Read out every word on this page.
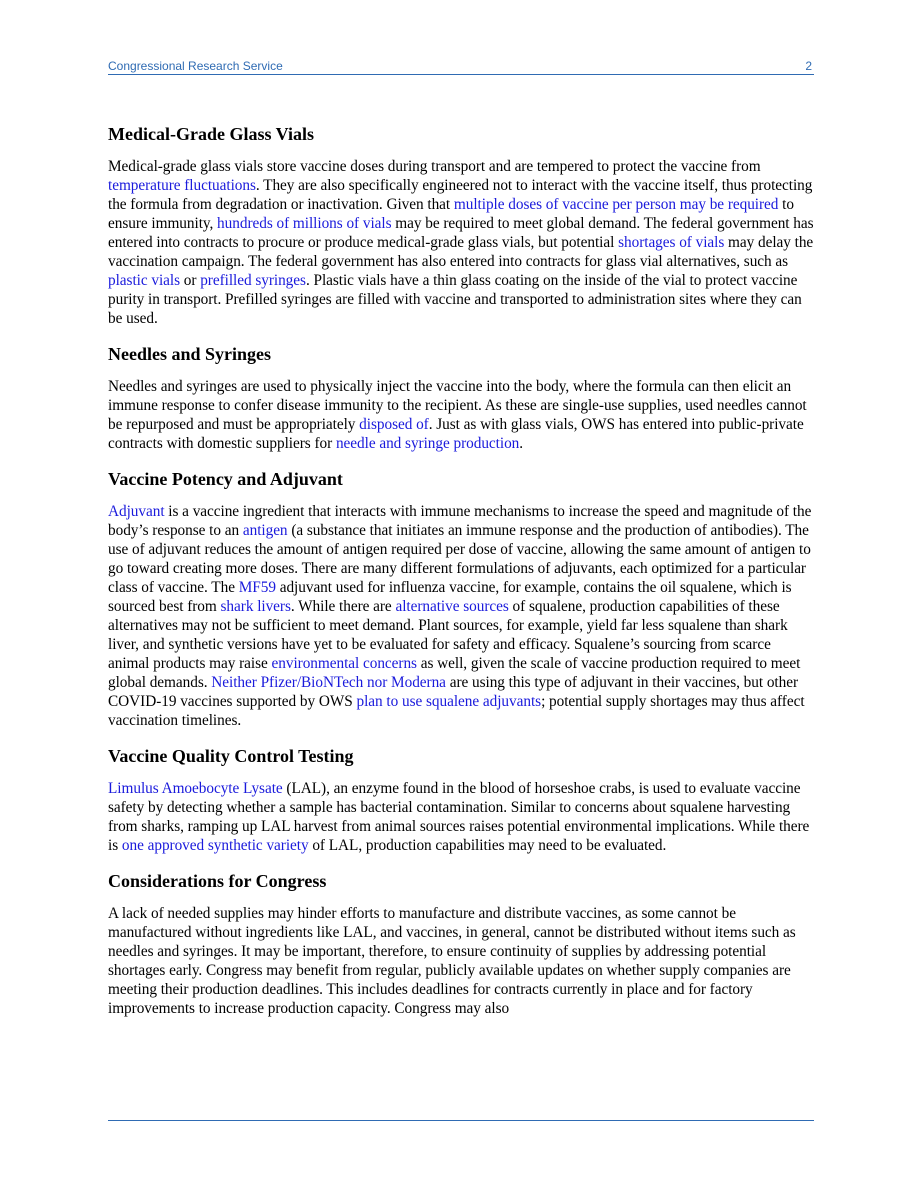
Congressional Research Service	2
Medical-Grade Glass Vials

Medical-grade glass vials store vaccine doses during transport and are tempered to protect the vaccine from temperature fluctuations. They are also specifically engineered not to interact with the vaccine itself, thus protecting the formula from degradation or inactivation. Given that multiple doses of vaccine per person may be required to ensure immunity, hundreds of millions of vials may be required to meet global demand. The federal government has entered into contracts to procure or produce medical-grade glass vials, but potential shortages of vials may delay the vaccination campaign. The federal government has also entered into contracts for glass vial alternatives, such as plastic vials or prefilled syringes. Plastic vials have a thin glass coating on the inside of the vial to protect vaccine purity in transport. Prefilled syringes are filled with vaccine and transported to administration sites where they can be used.

Needles and Syringes

Needles and syringes are used to physically inject the vaccine into the body, where the formula can then elicit an immune response to confer disease immunity to the recipient. As these are single-use supplies, used needles cannot be repurposed and must be appropriately disposed of. Just as with glass vials, OWS has entered into public-private contracts with domestic suppliers for needle and syringe production.

Vaccine Potency and Adjuvant

Adjuvant is a vaccine ingredient that interacts with immune mechanisms to increase the speed and magnitude of the body’s response to an antigen (a substance that initiates an immune response and the production of antibodies). The use of adjuvant reduces the amount of antigen required per dose of vaccine, allowing the same amount of antigen to go toward creating more doses. There are many different formulations of adjuvants, each optimized for a particular class of vaccine. The MF59 adjuvant used for influenza vaccine, for example, contains the oil squalene, which is sourced best from shark livers. While there are alternative sources of squalene, production capabilities of these alternatives may not be sufficient to meet demand. Plant sources, for example, yield far less squalene than shark liver, and synthetic versions have yet to be evaluated for safety and efficacy. Squalene’s sourcing from scarce animal products may raise environmental concerns as well, given the scale of vaccine production required to meet global demands. Neither Pfizer/BioNTech nor Moderna are using this type of adjuvant in their vaccines, but other COVID-19 vaccines supported by OWS plan to use squalene adjuvants; potential supply shortages may thus affect vaccination timelines.

Vaccine Quality Control Testing

Limulus Amoebocyte Lysate (LAL), an enzyme found in the blood of horseshoe crabs, is used to evaluate vaccine safety by detecting whether a sample has bacterial contamination. Similar to concerns about squalene harvesting from sharks, ramping up LAL harvest from animal sources raises potential environmental implications. While there is one approved synthetic variety of LAL, production capabilities may need to be evaluated.

Considerations for Congress

A lack of needed supplies may hinder efforts to manufacture and distribute vaccines, as some cannot be manufactured without ingredients like LAL, and vaccines, in general, cannot be distributed without items such as needles and syringes. It may be important, therefore, to ensure continuity of supplies by addressing potential shortages early. Congress may benefit from regular, publicly available updates on whether supply companies are meeting their production deadlines. This includes deadlines for contracts currently in place and for factory improvements to increase production capacity. Congress may also
